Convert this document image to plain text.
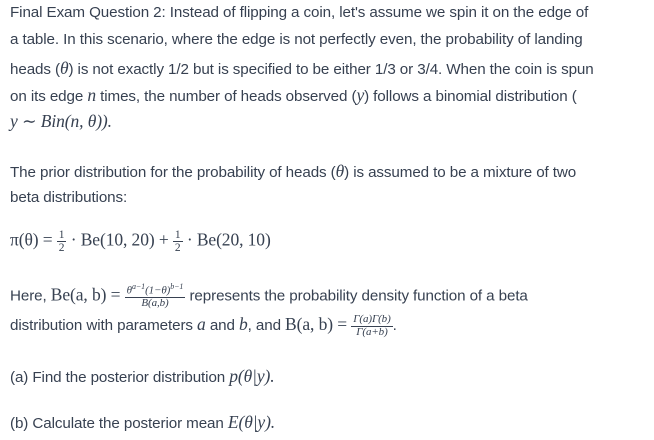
Final Exam Question 2: Instead of flipping a coin, let's assume we spin it on the edge of
a table. In this scenario, where the edge is not perfectly even, the probability of landing
heads (θ) is not exactly 1/2 but is specified to be either 1/3 or 3/4. When the coin is spun
on its edge n times, the number of heads observed (y) follows a binomial distribution (
y ∼ Bin(n, θ)).
The prior distribution for the probability of heads (θ) is assumed to be a mixture of two
beta distributions:
$\pi(\theta) = \frac{1}{2} \cdot Be(10$, $20) + \frac{1}{2} \cdot Be(20$, 10)
Here, Be(a, $b) = \frac{\theta^{a-1}(1-\theta)^{b-1}}{B(a,b)}$ represents the probability density function of a beta
distribution with parameters a and b, and B(a, $b) = \frac{\Gamma(a)\Gamma(b)}{\Gamma(a+b)}$ .
(a) Find the posterior distribution p(θ|y).
(b) Calculate the posterior mean E(θ|y).
